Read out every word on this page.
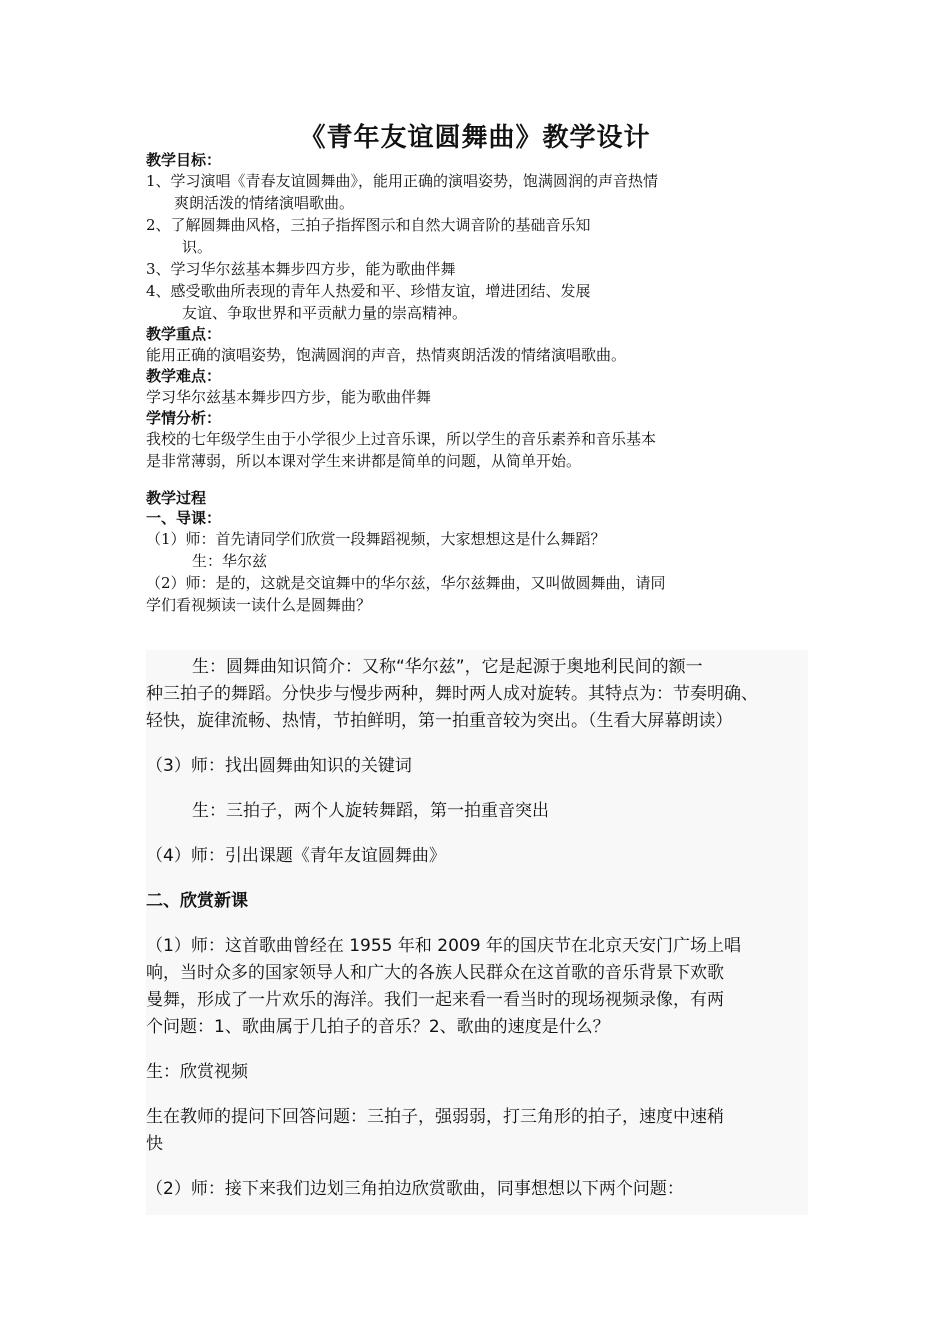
《青年友谊圆舞曲》教学设计
教学目标：
1、学习演唱《青春友谊圆舞曲》，能用正确的演唱姿势，饱满圆润的声音热情
爽朗活泼的情绪演唱歌曲。
2、了解圆舞曲风格，三拍子指挥图示和自然大调音阶的基础音乐知
识。
3、学习华尔兹基本舞步四方步，能为歌曲伴舞
4、感受歌曲所表现的青年人热爱和平、珍惜友谊，增进团结、发展
友谊、争取世界和平贡献力量的崇高精神。
教学重点：
能用正确的演唱姿势，饱满圆润的声音，热情爽朗活泼的情绪演唱歌曲。
教学难点：
学习华尔兹基本舞步四方步，能为歌曲伴舞
学情分析：
我校的七年级学生由于小学很少上过音乐课，所以学生的音乐素养和音乐基本
是非常薄弱，所以本课对学生来讲都是简单的问题，从简单开始。
教学过程
一、导课：
（1）师：首先请同学们欣赏一段舞蹈视频，大家想想这是什么舞蹈？
生：华尔兹
（2）师：是的，这就是交谊舞中的华尔兹，华尔兹舞曲，又叫做圆舞曲，请同
学们看视频读一读什么是圆舞曲？
生：圆舞曲知识简介：又称“华尔兹”，它是起源于奥地利民间的额一
种三拍子的舞蹈。分快步与慢步两种，舞时两人成对旋转。其特点为：节奏明确、
轻快，旋律流畅、热情，节拍鲜明，第一拍重音较为突出。（生看大屏幕朗读）
（3）师：找出圆舞曲知识的关键词
生：三拍子，两个人旋转舞蹈，第一拍重音突出
（4）师：引出课题《青年友谊圆舞曲》
二、欣赏新课
（1）师：这首歌曲曾经在 1955 年和 2009 年的国庆节在北京天安门广场上唱
响，当时众多的国家领导人和广大的各族人民群众在这首歌的音乐背景下欢歌
曼舞，形成了一片欢乐的海洋。我们一起来看一看当时的现场视频录像，有两
个问题：1、歌曲属于几拍子的音乐？2、歌曲的速度是什么？
生：欣赏视频
生在教师的提问下回答问题：三拍子，强弱弱，打三角形的拍子，速度中速稍
快
（2）师：接下来我们边划三角拍边欣赏歌曲，同事想想以下两个问题：
